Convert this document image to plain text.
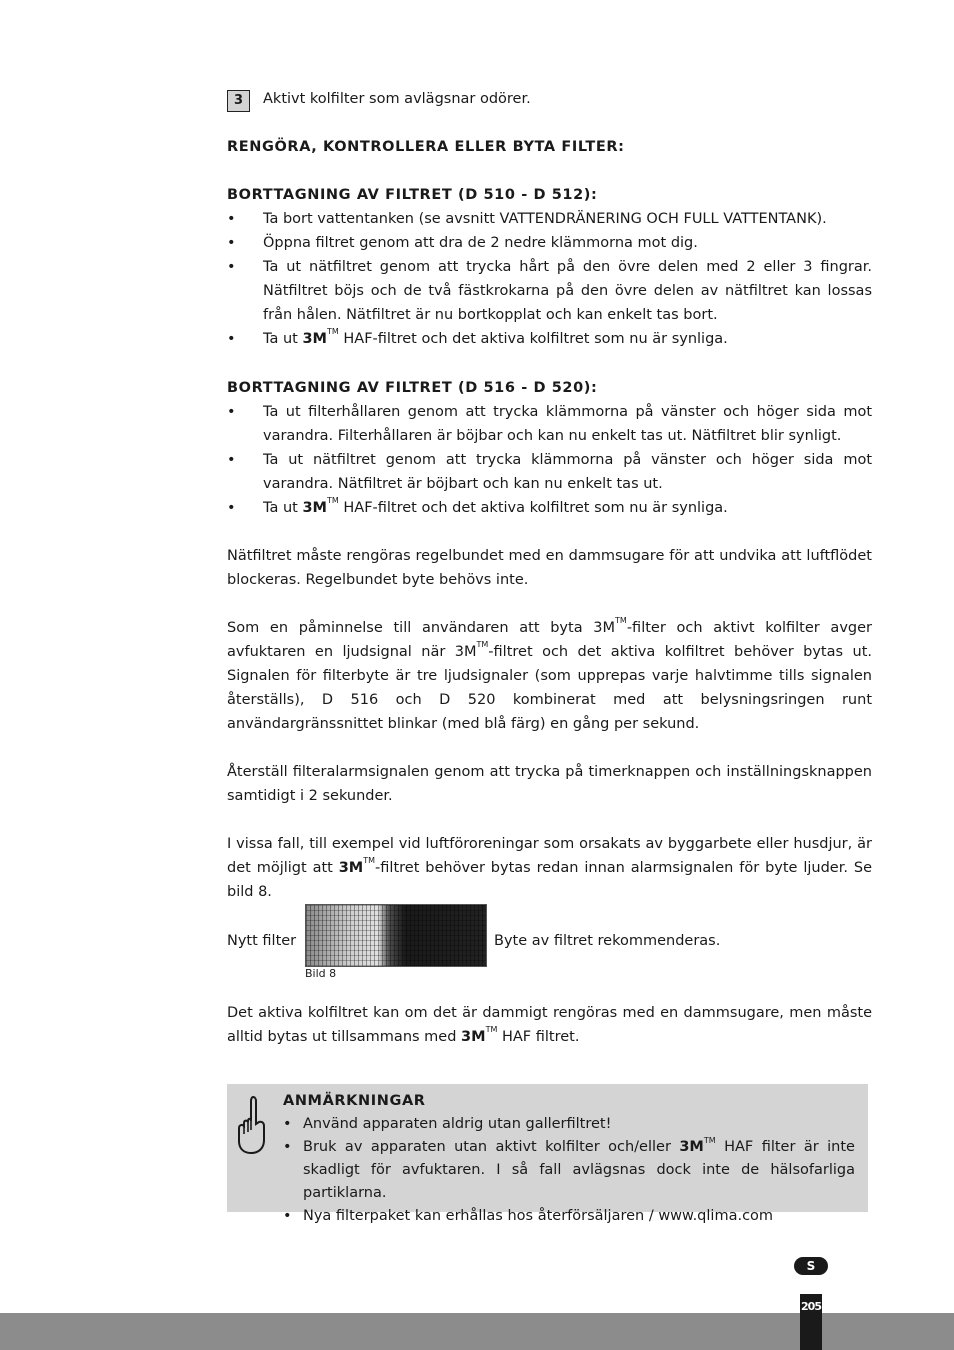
3	Aktivt kolfilter som avlägsnar odörer.
RENGÖRA, KONTROLLERA ELLER BYTA FILTER:
BORTTAGNING AV FILTRET (D 510 - D 512):
• Ta bort vattentanken (se avsnitt VATTENDRÄNERING OCH FULL VATTENTANK).
• Öppna filtret genom att dra de 2 nedre klämmorna mot dig.
• Ta ut nätfiltret genom att trycka hårt på den övre delen med 2 eller 3 fingrar. Nätfiltret böjs och de två fästkrokarna på den övre delen av nätfiltret kan lossas från hålen. Nätfiltret är nu bortkopplat och kan enkelt tas bort.
• Ta ut 3M™ HAF-filtret och det aktiva kolfiltret som nu är synliga.
BORTTAGNING AV FILTRET (D 516 - D 520):
• Ta ut filterhållaren genom att trycka klämmorna på vänster och höger sida mot varandra. Filterhållaren är böjbar och kan nu enkelt tas ut. Nätfiltret blir synligt.
• Ta ut nätfiltret genom att trycka klämmorna på vänster och höger sida mot varandra. Nätfiltret är böjbart och kan nu enkelt tas ut.
• Ta ut 3M™ HAF-filtret och det aktiva kolfiltret som nu är synliga.

Nätfiltret måste rengöras regelbundet med en dammsugare för att undvika att luftflödet blockeras. Regelbundet byte behövs inte.

Som en påminnelse till användaren att byta 3M™-filter och aktivt kolfilter avger avfuktaren en ljudsignal när 3M™-filtret och det aktiva kolfiltret behöver bytas ut. Signalen för filterbyte är tre ljudsignaler (som upprepas varje halvtimme tills signalen återställs), D 516 och D 520 kombinerat med att belysningsringen runt användargränssnittet blinkar (med blå färg) en gång per sekund.

Återställ filteralarmsignalen genom att trycka på timerknappen och inställningsknappen samtidigt i 2 sekunder.

I vissa fall, till exempel vid luftföroreningar som orsakats av byggarbete eller husdjur, är det möjligt att 3M™-filtret behöver bytas redan innan alarmsignalen för byte ljuder. Se bild 8.

Nytt filter	Byte av filtret rekommenderas.
Bild 8

Det aktiva kolfiltret kan om det är dammigt rengöras med en dammsugare, men måste alltid bytas ut tillsammans med 3M™ HAF filtret.

ANMÄRKNINGAR
• Använd apparaten aldrig utan gallerfiltret!
• Bruk av apparaten utan aktivt kolfilter och/eller 3M™ HAF filter är inte skadligt för avfuktaren. I så fall avlägsnas dock inte de hälsofarliga partiklarna.
• Nya filterpaket kan erhållas hos återförsäljaren / www.qlima.com
S
205
